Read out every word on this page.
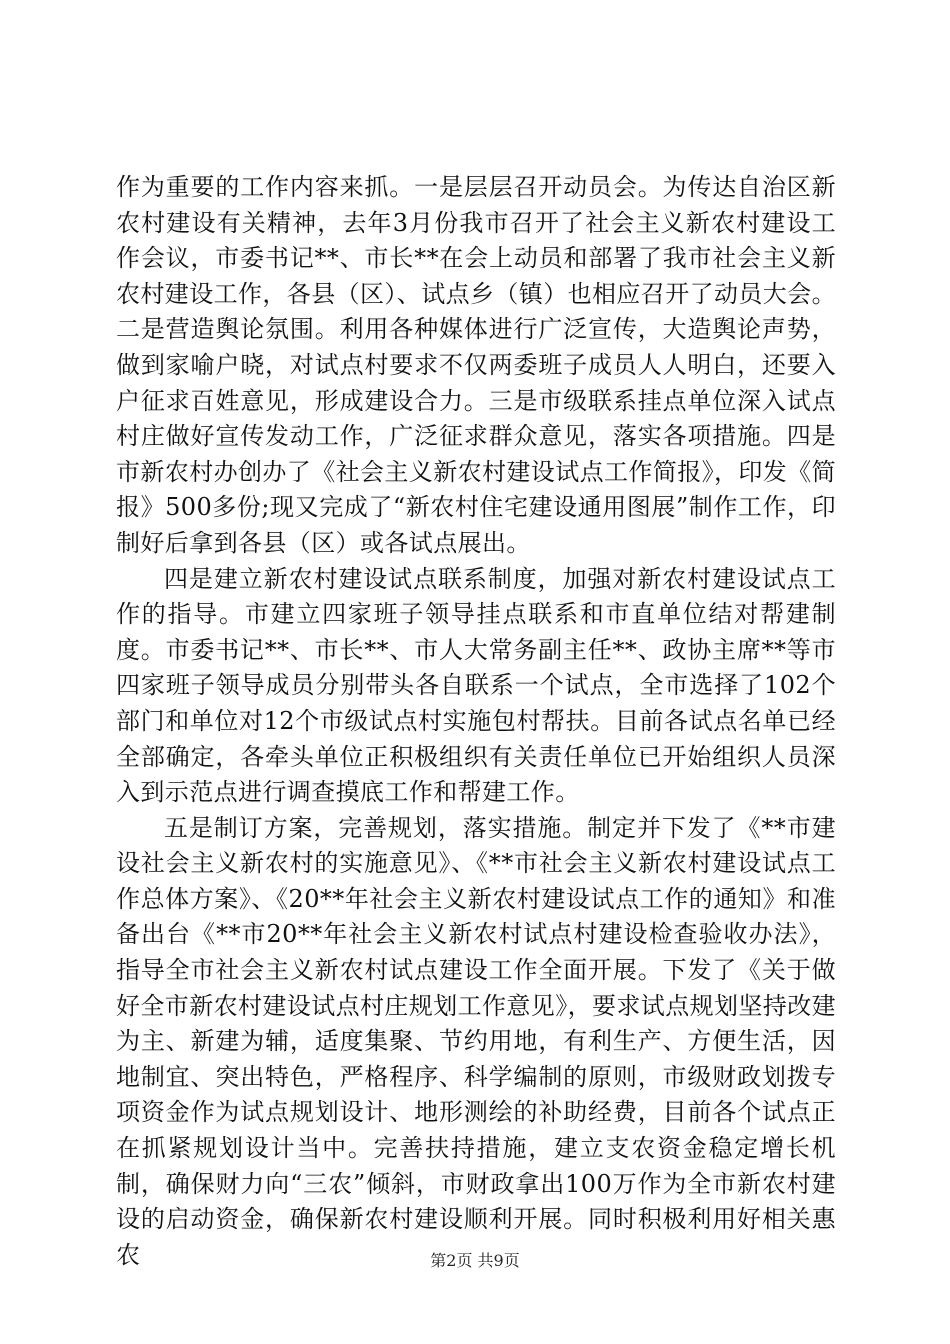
作为重要的工作内容来抓。一是层层召开动员会。为传达自治区新农村建设有关精神，去年3月份我市召开了社会主义新农村建设工作会议，市委书记**、市长**在会上动员和部署了我市社会主义新农村建设工作，各县（区）、试点乡（镇）也相应召开了动员大会。二是营造舆论氛围。利用各种媒体进行广泛宣传，大造舆论声势，做到家喻户晓，对试点村要求不仅两委班子成员人人明白，还要入户征求百姓意见，形成建设合力。三是市级联系挂点单位深入试点村庄做好宣传发动工作，广泛征求群众意见，落实各项措施。四是市新农村办创办了《社会主义新农村建设试点工作简报》，印发《简报》500多份;现又完成了“新农村住宅建设通用图展”制作工作，印制好后拿到各县（区）或各试点展出。

四是建立新农村建设试点联系制度，加强对新农村建设试点工作的指导。市建立四家班子领导挂点联系和市直单位结对帮建制度。市委书记**、市长**、市人大常务副主任**、政协主席**等市四家班子领导成员分别带头各自联系一个试点，全市选择了102个部门和单位对12个市级试点村实施包村帮扶。目前各试点名单已经全部确定，各牵头单位正积极组织有关责任单位已开始组织人员深入到示范点进行调查摸底工作和帮建工作。

五是制订方案，完善规划，落实措施。制定并下发了《**市建设社会主义新农村的实施意见》、《**市社会主义新农村建设试点工作总体方案》、《20**年社会主义新农村建设试点工作的通知》和准备出台《**市20**年社会主义新农村试点村建设检查验收办法》，指导全市社会主义新农村试点建设工作全面开展。下发了《关于做好全市新农村建设试点村庄规划工作意见》，要求试点规划坚持改建为主、新建为辅，适度集聚、节约用地，有利生产、方便生活，因地制宜、突出特色，严格程序、科学编制的原则，市级财政划拨专项资金作为试点规划设计、地形测绘的补助经费，目前各个试点正在抓紧规划设计当中。完善扶持措施，建立支农资金稳定增长机制，确保财力向“三农”倾斜，市财政拿出100万作为全市新农村建设的启动资金，确保新农村建设顺利开展。同时积极利用好相关惠农	第2页 共9页
